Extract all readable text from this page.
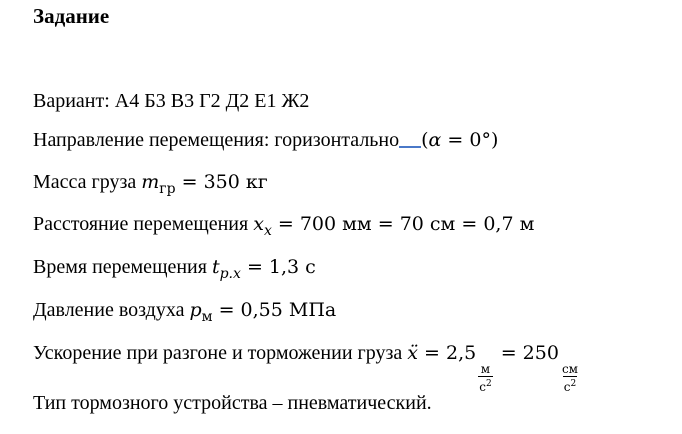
Задание
Вариант: А4 Б3 В3 Г2 Д2 Е1 Ж2
Направление перемещения: горизонтально (α = 0°)
Масса груза $m_{гр} = 350$ кг
Расстояние перемещения $x_x = 700$ мм = 70 см = 0,7 м
Время перемещения $t_{p.x} = 1,3$ с
Давление воздуха $p_м = 0,55$ МПа
Ускорение при разгоне и торможении груза ẍ = 2,5
$\frac{м}{с^2}$
= 250
$\frac{см}{с^2}$
Тип тормозного устройства – пневматический.
